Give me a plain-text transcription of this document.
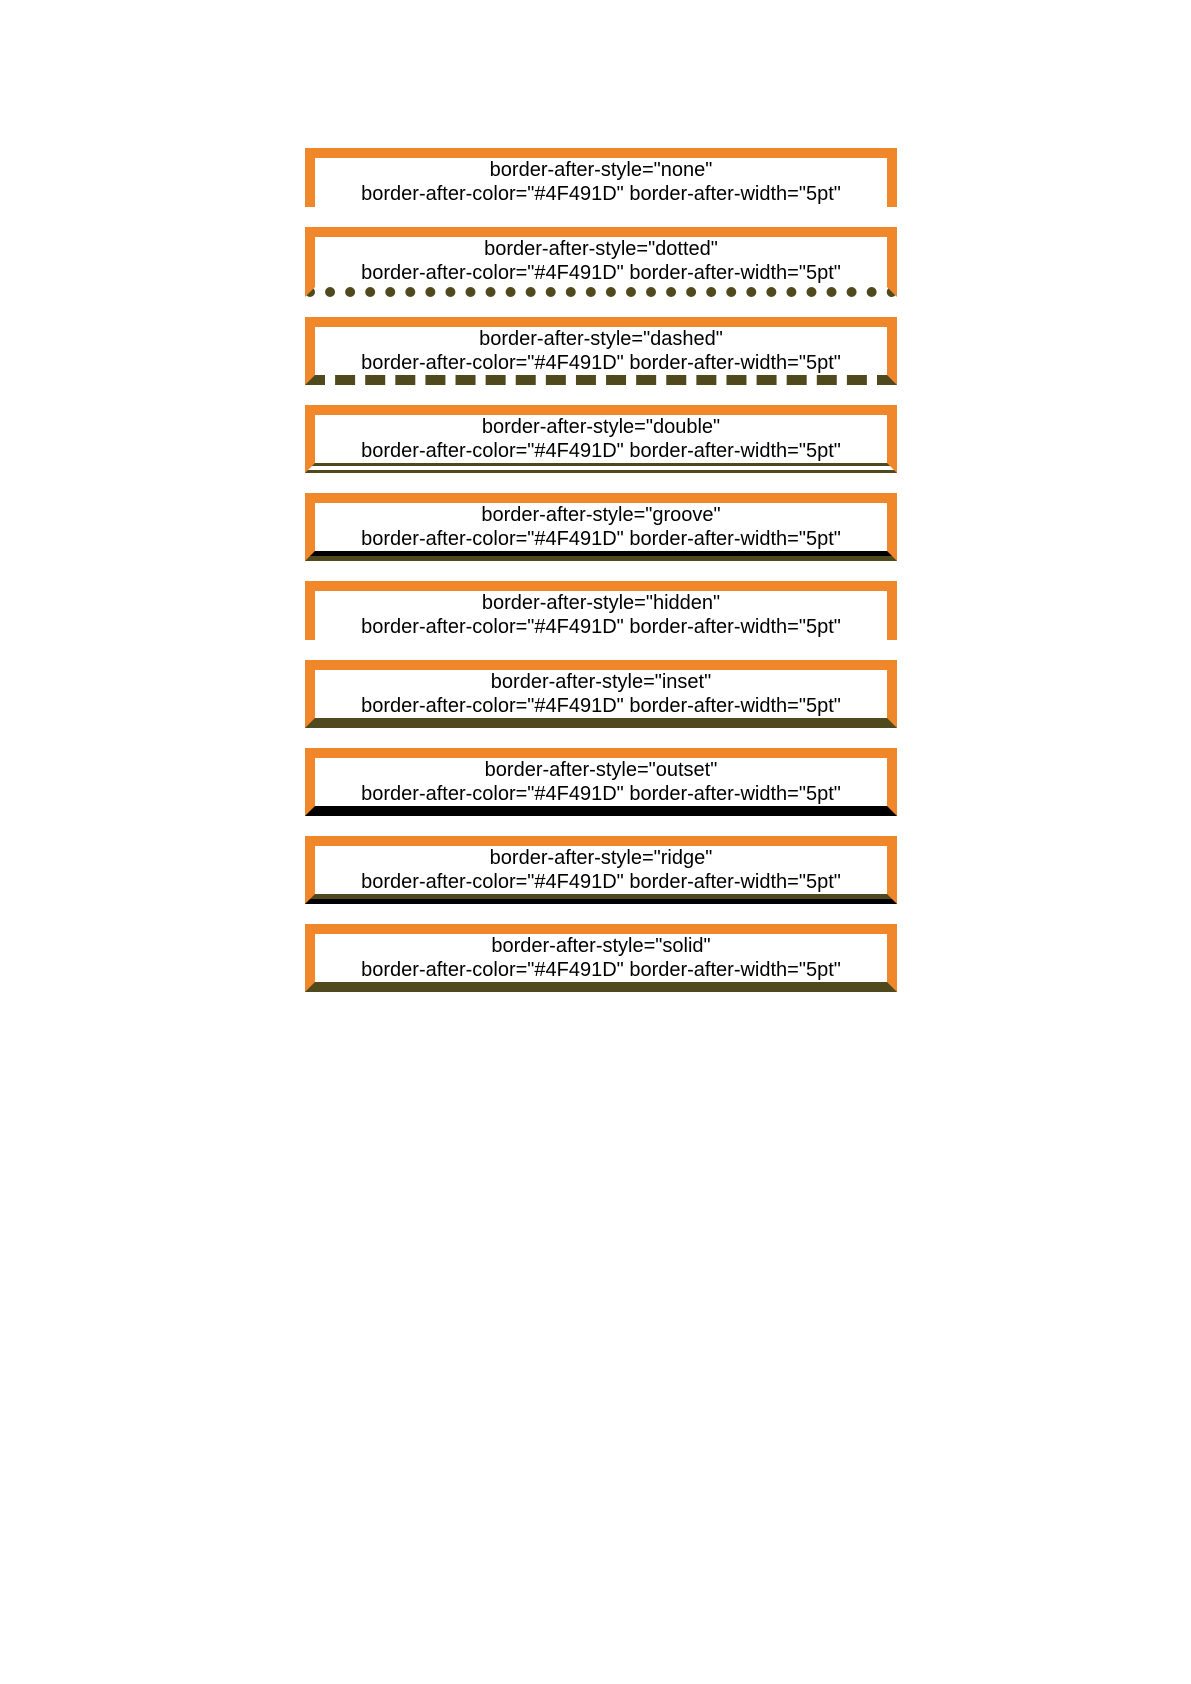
border-after-style="none"
border-after-color="#4F491D" border-after-width="5pt"
border-after-style="dotted"
border-after-color="#4F491D" border-after-width="5pt"
border-after-style="dashed"
border-after-color="#4F491D" border-after-width="5pt"
border-after-style="double"
border-after-color="#4F491D" border-after-width="5pt"
border-after-style="groove"
border-after-color="#4F491D" border-after-width="5pt"
border-after-style="hidden"
border-after-color="#4F491D" border-after-width="5pt"
border-after-style="inset"
border-after-color="#4F491D" border-after-width="5pt"
border-after-style="outset"
border-after-color="#4F491D" border-after-width="5pt"
border-after-style="ridge"
border-after-color="#4F491D" border-after-width="5pt"
border-after-style="solid"
border-after-color="#4F491D" border-after-width="5pt"
